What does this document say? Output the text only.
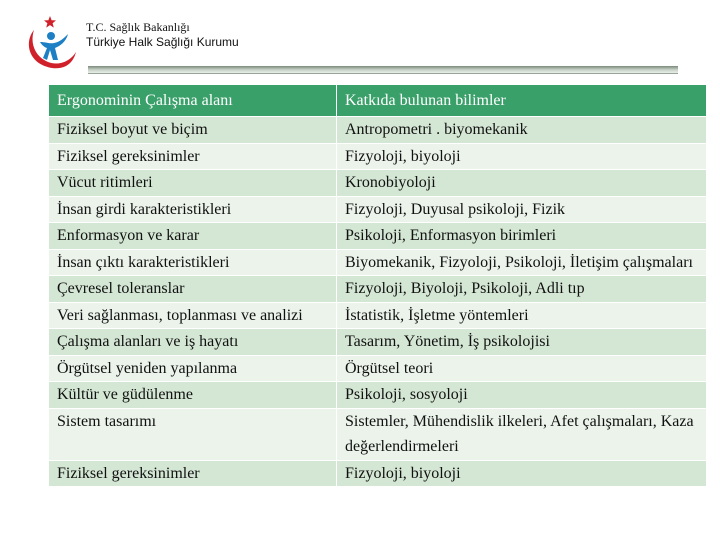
T.C. Sağlık Bakanlığı
Türkiye Halk Sağlığı Kurumu
Ergonominin Çalışma alanı	Katkıda bulunan bilimler
Fiziksel boyut ve biçim	Antropometri . biyomekanik
Fiziksel gereksinimler	Fizyoloji, biyoloji
Vücut ritimleri	Kronobiyoloji
İnsan girdi karakteristikleri	Fizyoloji, Duyusal psikoloji, Fizik
Enformasyon ve karar	Psikoloji, Enformasyon birimleri
İnsan çıktı karakteristikleri	Biyomekanik, Fizyoloji, Psikoloji, İletişim çalışmaları
Çevresel toleranslar	Fizyoloji, Biyoloji, Psikoloji, Adli tıp
Veri sağlanması, toplanması ve analizi	İstatistik, İşletme yöntemleri
Çalışma alanları ve iş hayatı	Tasarım, Yönetim, İş psikolojisi
Örgütsel yeniden yapılanma	Örgütsel teori
Kültür ve güdülenme	Psikoloji, sosyoloji
Sistem tasarımı	Sistemler, Mühendislik ilkeleri, Afet çalışmaları, Kaza değerlendirmeleri
Fiziksel gereksinimler	Fizyoloji, biyoloji
